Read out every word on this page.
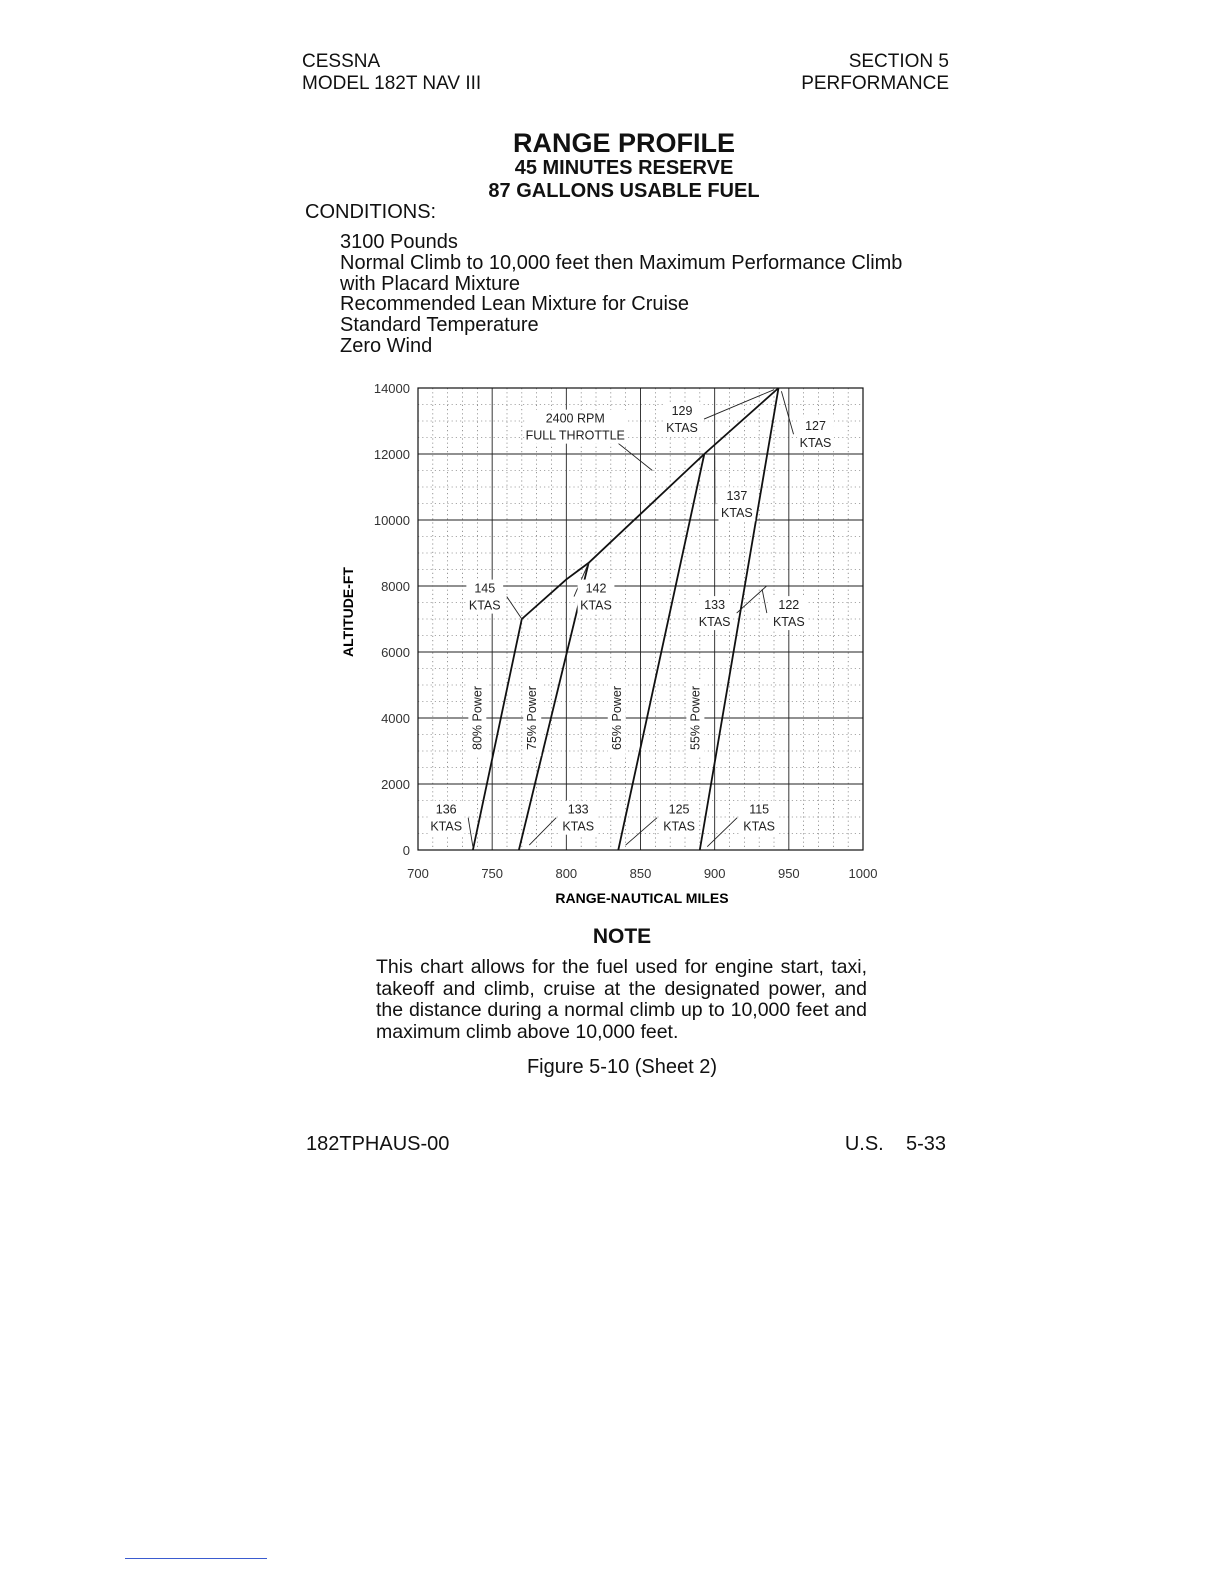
CESSNA
MODEL 182T NAV III
SECTION 5
PERFORMANCE
RANGE PROFILE
45 MINUTES RESERVE
87 GALLONS USABLE FUEL
CONDITIONS:
3100 Pounds
Normal Climb to 10,000 feet then Maximum Performance Climb
with Placard Mixture
Recommended Lean Mixture for Cruise
Standard Temperature
Zero Wind
700	750	800	850	900	950	1000
0
2000
4000
6000
8000
10000
12000
14000
2400 RPM
FULL THROTTLE
129
KTAS	127
KTAS
137
KTAS
145
KTAS
142
KTAS	133
KTAS
122
KTAS
136
KTAS
133
KTAS
125
KTAS
115
KTAS
80% Power	75% Power	65% Power	55% Power
ALTITUDE-FT
RANGE-NAUTICAL MILES
NOTE
This chart allows for the fuel used for engine start, taxi, takeoff and climb, cruise at the designated power, and the distance during a normal climb up to 10,000 feet and maximum climb above 10,000 feet.
Figure 5-10 (Sheet 2)
182TPHAUS-00	U.S.    5-33
